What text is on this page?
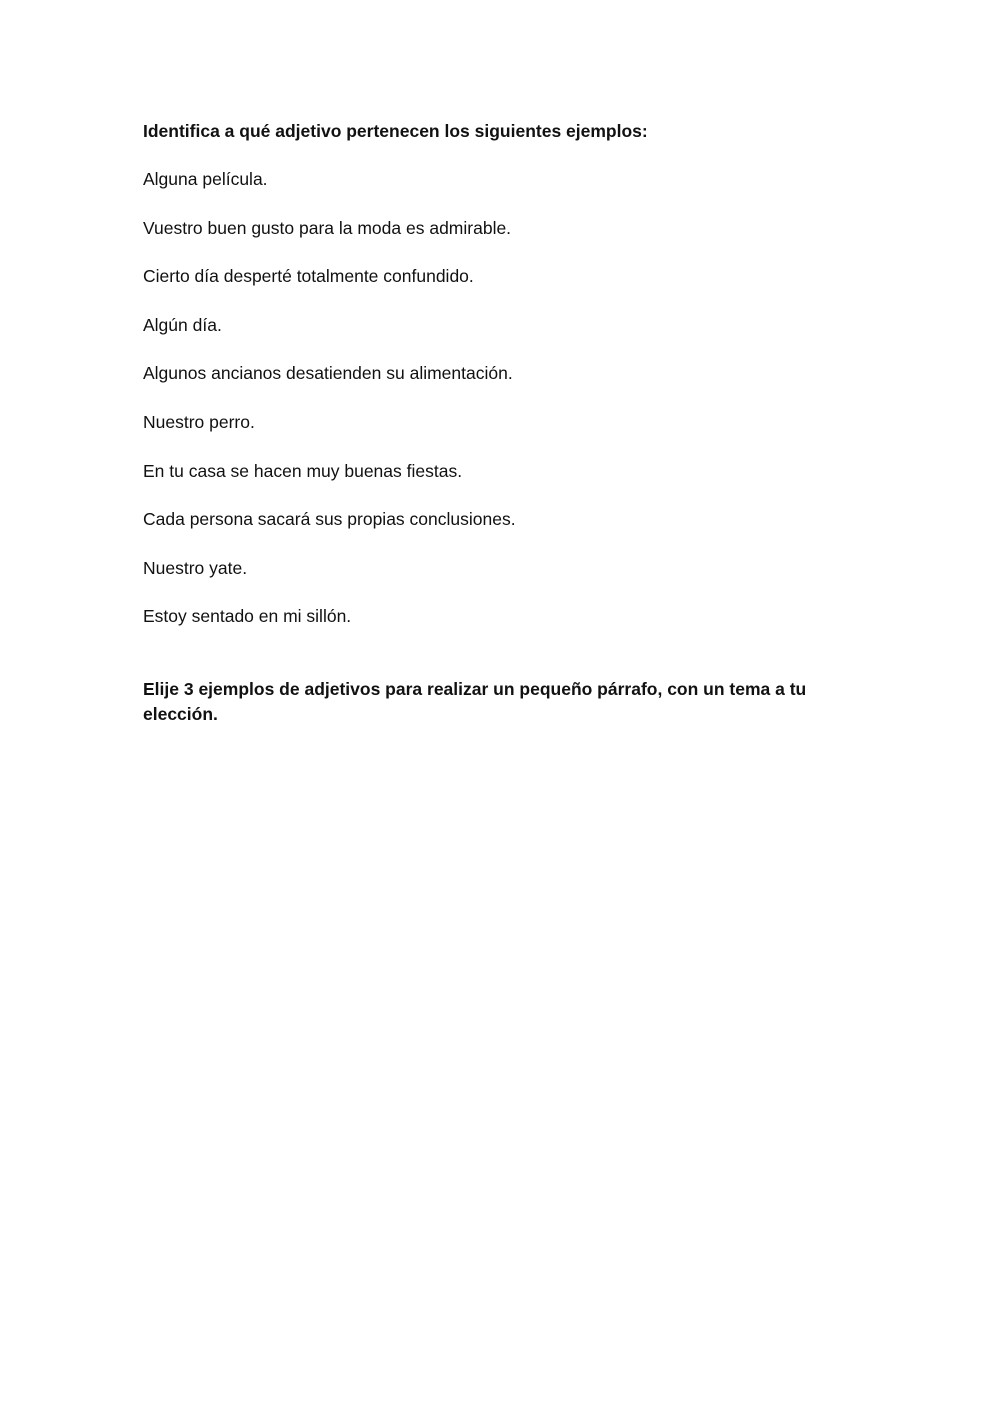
Identifica a qué adjetivo pertenecen los siguientes ejemplos:

Alguna película.
Vuestro buen gusto para la moda es admirable.
Cierto día desperté totalmente confundido.
Algún día.
Algunos ancianos desatienden su alimentación.
Nuestro perro.
En tu casa se hacen muy buenas fiestas.
Cada persona sacará sus propias conclusiones.
Nuestro yate.
Estoy sentado en mi sillón.

Elije 3 ejemplos de adjetivos para realizar un pequeño párrafo, con un tema a tu elección.
